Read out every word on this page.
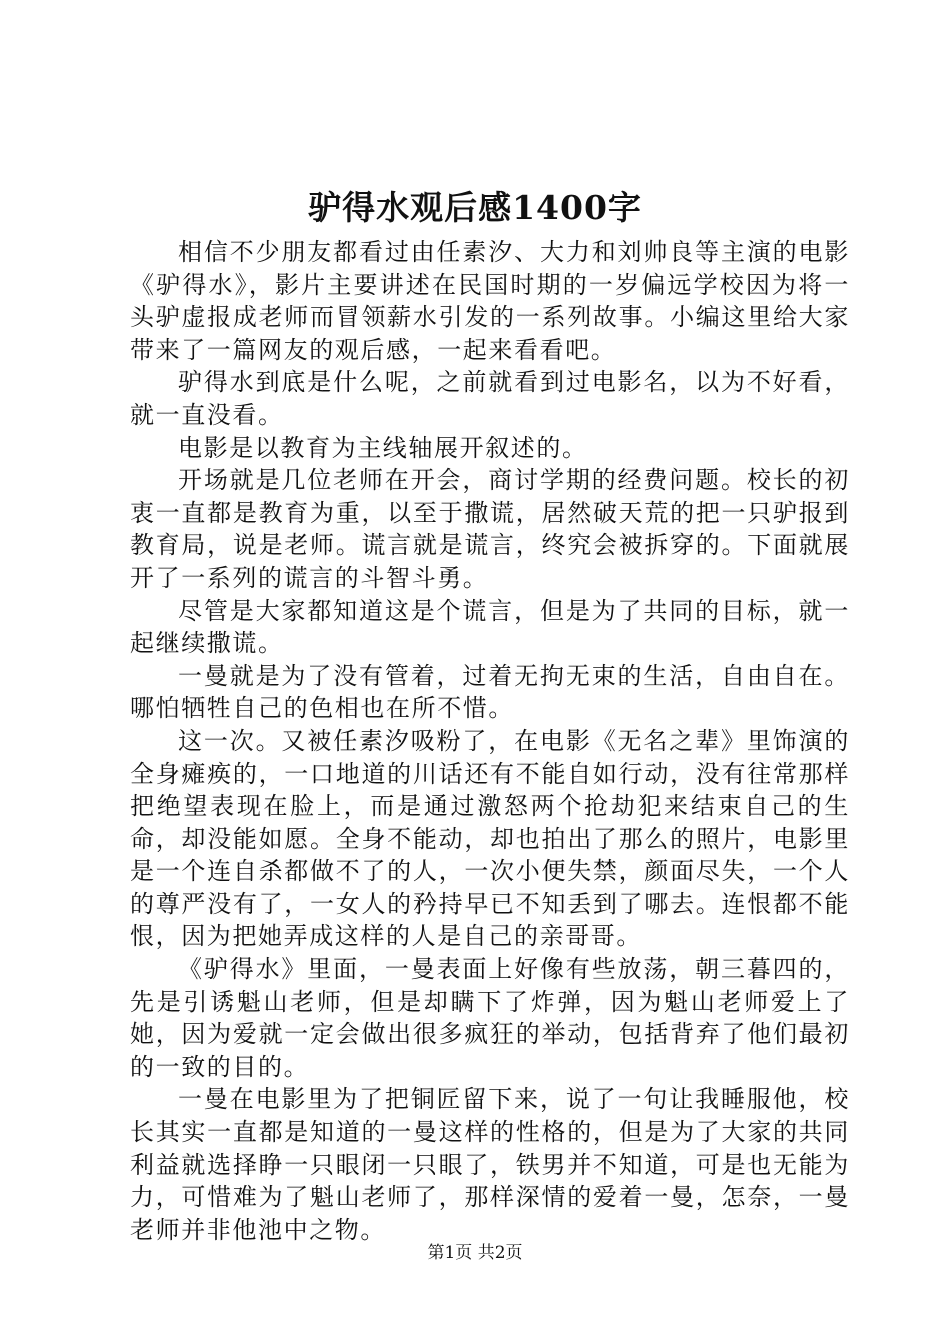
驴得水观后感1400字

相信不少朋友都看过由任素汐、大力和刘帅良等主演的电影《驴得水》，影片主要讲述在民国时期的一岁偏远学校因为将一头驴虚报成老师而冒领薪水引发的一系列故事。小编这里给大家带来了一篇网友的观后感，一起来看看吧。

驴得水到底是什么呢，之前就看到过电影名，以为不好看，就一直没看。

电影是以教育为主线轴展开叙述的。

开场就是几位老师在开会，商讨学期的经费问题。校长的初衷一直都是教育为重，以至于撒谎，居然破天荒的把一只驴报到教育局，说是老师。谎言就是谎言，终究会被拆穿的。下面就展开了一系列的谎言的斗智斗勇。

尽管是大家都知道这是个谎言，但是为了共同的目标，就一起继续撒谎。

一曼就是为了没有管着，过着无拘无束的生活，自由自在。哪怕牺牲自己的色相也在所不惜。

这一次。又被任素汐吸粉了，在电影《无名之辈》里饰演的全身瘫痪的，一口地道的川话还有不能自如行动，没有往常那样把绝望表现在脸上，而是通过激怒两个抢劫犯来结束自己的生命，却没能如愿。全身不能动，却也拍出了那么的照片，电影里是一个连自杀都做不了的人，一次小便失禁，颜面尽失，一个人的尊严没有了，一女人的矜持早已不知丢到了哪去。连恨都不能恨，因为把她弄成这样的人是自己的亲哥哥。

《驴得水》里面，一曼表面上好像有些放荡，朝三暮四的，先是引诱魁山老师，但是却瞒下了炸弹，因为魁山老师爱上了她，因为爱就一定会做出很多疯狂的举动，包括背弃了他们最初的一致的目的。

一曼在电影里为了把铜匠留下来，说了一句让我睡服他，校长其实一直都是知道的一曼这样的性格的，但是为了大家的共同利益就选择睁一只眼闭一只眼了，铁男并不知道，可是也无能为力，可惜难为了魁山老师了，那样深情的爱着一曼，怎奈，一曼老师并非他池中之物。

第1页 共2页
